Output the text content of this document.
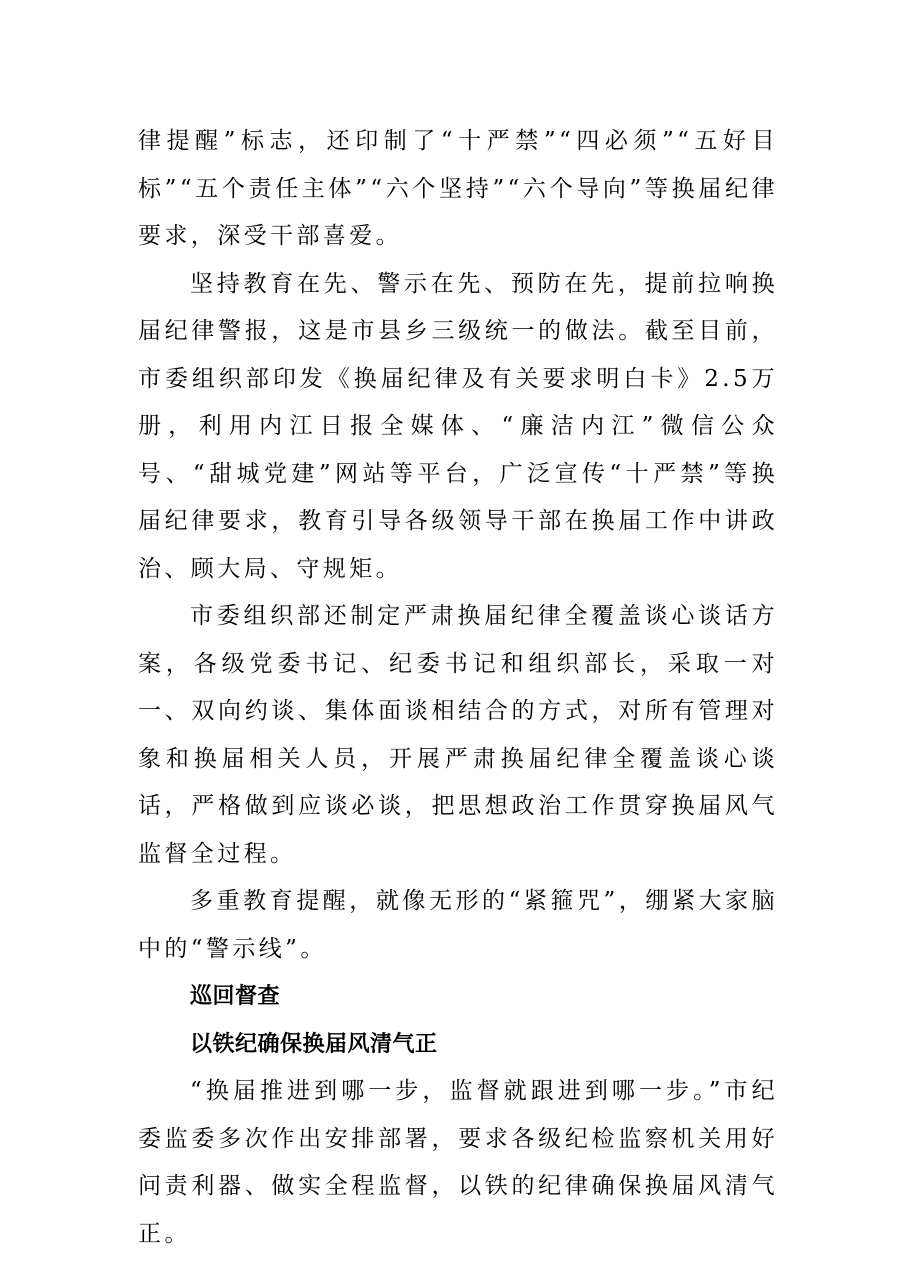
律提醒”标志，还印制了“十严禁”“四必须”“五好目标”“五个责任主体”“六个坚持”“六个导向”等换届纪律要求，深受干部喜爱。

坚持教育在先、警示在先、预防在先，提前拉响换届纪律警报，这是市县乡三级统一的做法。截至目前，市委组织部印发《换届纪律及有关要求明白卡》2.5万册，利用内江日报全媒体、“廉洁内江”微信公众号、“甜城党建”网站等平台，广泛宣传“十严禁”等换届纪律要求，教育引导各级领导干部在换届工作中讲政治、顾大局、守规矩。

市委组织部还制定严肃换届纪律全覆盖谈心谈话方案，各级党委书记、纪委书记和组织部长，采取一对一、双向约谈、集体面谈相结合的方式，对所有管理对象和换届相关人员，开展严肃换届纪律全覆盖谈心谈话，严格做到应谈必谈，把思想政治工作贯穿换届风气监督全过程。

多重教育提醒，就像无形的“紧箍咒”，绷紧大家脑中的“警示线”。

巡回督查
以铁纪确保换届风清气正

“换届推进到哪一步，监督就跟进到哪一步。”市纪委监委多次作出安排部署，要求各级纪检监察机关用好问责利器、做实全程监督，以铁的纪律确保换届风清气正。
